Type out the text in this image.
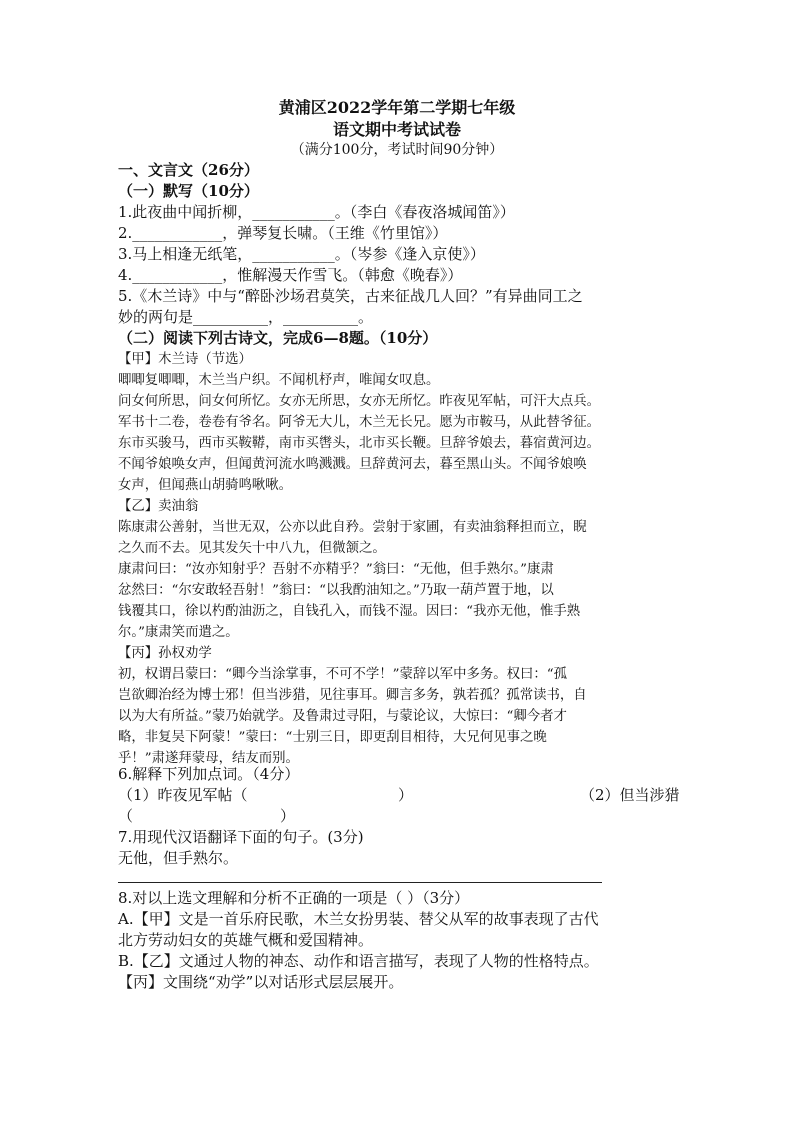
黄浦区2022学年第二学期七年级
语文期中考试试卷
（满分100分，考试时间90分钟）
一、文言文（26分）
（一）默写（10分）
1.此夜曲中闻折柳，___________。（李白《春夜洛城闻笛》）
2.____________，弹琴复长啸。（王维《竹里馆》）
3.马上相逢无纸笔，___________。（岑参《逢入京使》）
4.____________，惟解漫天作雪飞。（韩愈《晚春》）
5.《木兰诗》中与“醉卧沙场君莫笑，古来征战几人回？”有异曲同工之
妙的两句是__________，__________。
（二）阅读下列古诗文，完成6—8题。（10分）
【甲】木兰诗（节选）
唧唧复唧唧，木兰当户织。不闻机杼声，唯闻女叹息。
问女何所思，问女何所忆。女亦无所思，女亦无所忆。昨夜见军帖，可汗大点兵。
军书十二卷，卷卷有爷名。阿爷无大儿，木兰无长兄。愿为市鞍马，从此替爷征。
东市买骏马，西市买鞍鞯，南市买辔头，北市买长鞭。旦辞爷娘去，暮宿黄河边。
不闻爷娘唤女声，但闻黄河流水鸣溅溅。旦辞黄河去，暮至黑山头。不闻爷娘唤
女声，但闻燕山胡骑鸣啾啾。
【乙】卖油翁
陈康肃公善射，当世无双，公亦以此自矜。尝射于家圃，有卖油翁释担而立，睨
之久而不去。见其发矢十中八九，但微颔之。
康肃问曰：“汝亦知射乎？吾射不亦精乎？”翁曰：“无他，但手熟尔。”康肃
忿然曰：“尔安敢轻吾射！”翁曰：“以我酌油知之。”乃取一葫芦置于地，以
钱覆其口，徐以杓酌油沥之，自钱孔入，而钱不湿。因曰：“我亦无他，惟手熟
尔。”康肃笑而遣之。
【丙】孙权劝学
初，权谓吕蒙曰：“卿今当涂掌事，不可不学！”蒙辞以军中多务。权曰：“孤
岂欲卿治经为博士邪！但当涉猎，见往事耳。卿言多务，孰若孤？孤常读书，自
以为大有所益。”蒙乃始就学。及鲁肃过寻阳，与蒙论议，大惊曰：“卿今者才
略，非复吴下阿蒙！”蒙曰：“士别三日，即更刮目相待，大兄何见事之晚
乎！”肃遂拜蒙母，结友而别。
6.解释下列加点词。（4分）
（1）昨夜见军帖（	）	（2）但当涉猎
（	）
7.用现代汉语翻译下面的句子。(3分)
无他，但手熟尔。
8.对以上选文理解和分析不正确的一项是（ ）（3分）
A.【甲】文是一首乐府民歌，木兰女扮男装、替父从军的故事表现了古代
北方劳动妇女的英雄气概和爱国精神。
B.【乙】文通过人物的神态、动作和语言描写，表现了人物的性格特点。
【丙】文围绕“劝学”以对话形式层层展开。
